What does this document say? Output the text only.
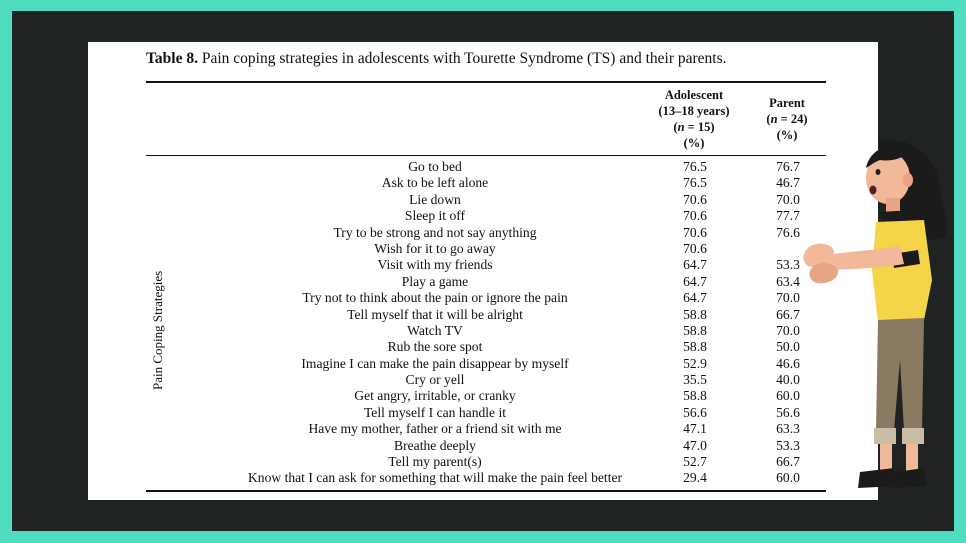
Table 8. Pain coping strategies in adolescents with Tourette Syndrome (TS) and their parents.
Adolescent
(13–18 years)
(n = 15)
(%)
Parent
(n = 24)
(%)
Pain Coping Strategies
Go to bed	76.5	76.7
Ask to be left alone	76.5	46.7
Lie down	70.6	70.0
Sleep it off	70.6	77.7
Try to be strong and not say anything	70.6	76.6
Wish for it to go away	70.6
Visit with my friends	64.7	53.3
Play a game	64.7	63.4
Try not to think about the pain or ignore the pain	64.7	70.0
Tell myself that it will be alright	58.8	66.7
Watch TV	58.8	70.0
Rub the sore spot	58.8	50.0
Imagine I can make the pain disappear by myself	52.9	46.6
Cry or yell	35.5	40.0
Get angry, irritable, or cranky	58.8	60.0
Tell myself I can handle it	56.6	56.6
Have my mother, father or a friend sit with me	47.1	63.3
Breathe deeply	47.0	53.3
Tell my parent(s)	52.7	66.7
Know that I can ask for something that will make the pain feel better	29.4	60.0
